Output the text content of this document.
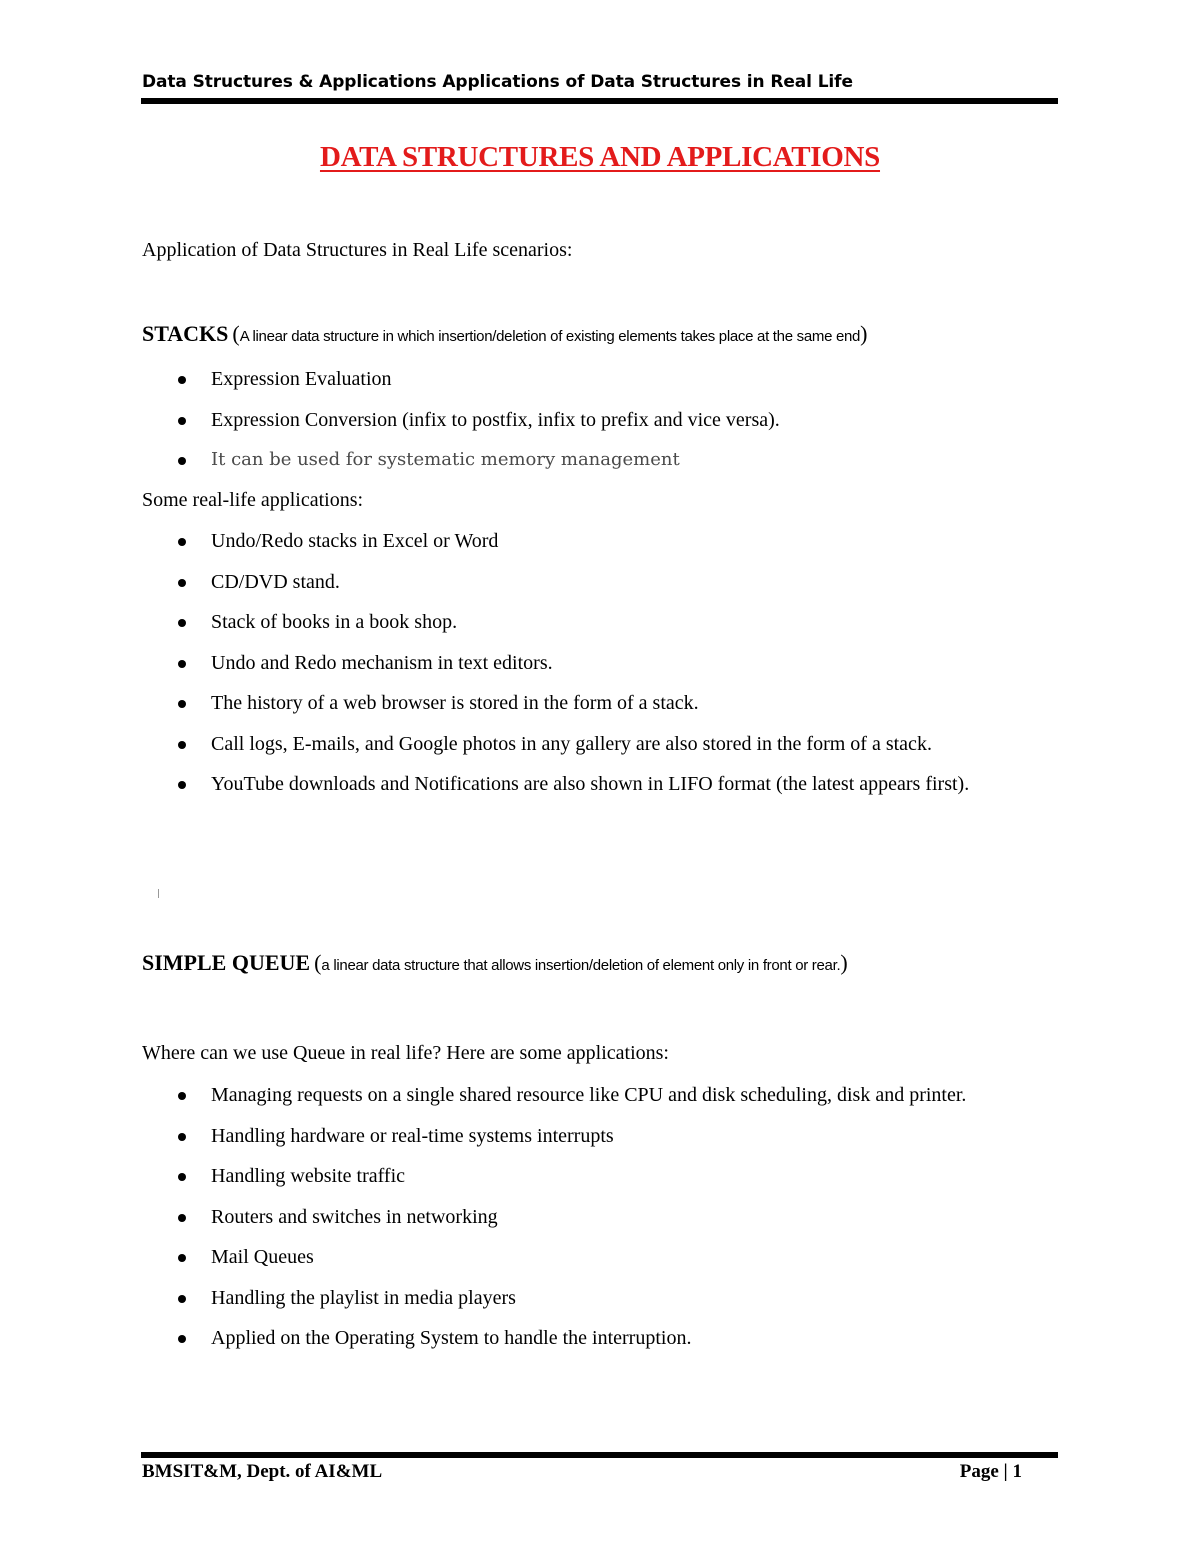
Data Structures & Applications Applications of Data Structures in Real Life
DATA STRUCTURES AND APPLICATIONS
Application of Data Structures in Real Life scenarios:
STACKS (A linear data structure in which insertion/deletion of existing elements takes place at the same end)
Expression Evaluation
Expression Conversion (infix to postfix, infix to prefix and vice versa).
It can be used for systematic memory management
Some real-life applications:
Undo/Redo stacks in Excel or Word
CD/DVD stand.
Stack of books in a book shop.
Undo and Redo mechanism in text editors.
The history of a web browser is stored in the form of a stack.
Call logs, E-mails, and Google photos in any gallery are also stored in the form of a stack.
YouTube downloads and Notifications are also shown in LIFO format (the latest appears first).
SIMPLE QUEUE (a linear data structure that allows insertion/deletion of element only in front or rear.)
Where can we use Queue in real life? Here are some applications:
Managing requests on a single shared resource like CPU and disk scheduling, disk and printer.
Handling hardware or real-time systems interrupts
Handling website traffic
Routers and switches in networking
Mail Queues
Handling the playlist in media players
Applied on the Operating System to handle the interruption.
BMSIT&M, Dept. of AI&ML	Page | 1
